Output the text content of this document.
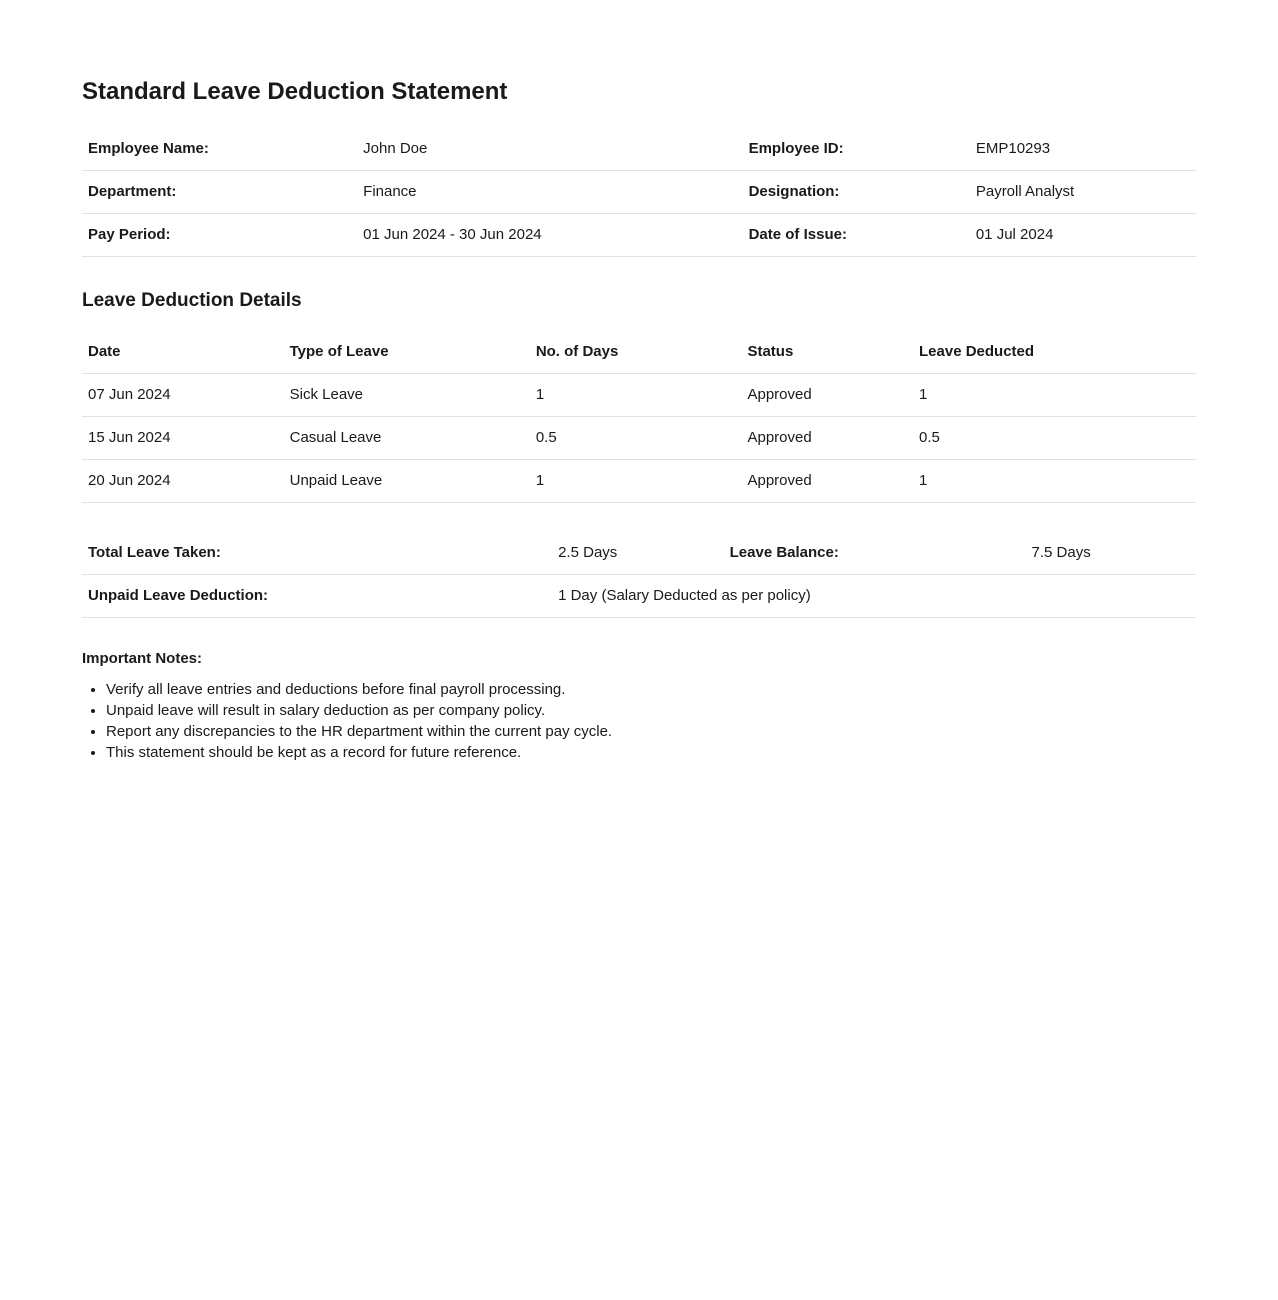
Standard Leave Deduction Statement
Employee Name:	John Doe	Employee ID:	EMP10293
Department:	Finance	Designation:	Payroll Analyst
Pay Period:	01 Jun 2024 - 30 Jun 2024	Date of Issue:	01 Jul 2024
Leave Deduction Details
Date	Type of Leave	No. of Days	Status	Leave Deducted
07 Jun 2024	Sick Leave	1	Approved	1
15 Jun 2024	Casual Leave	0.5	Approved	0.5
20 Jun 2024	Unpaid Leave	1	Approved	1
Total Leave Taken:	2.5 Days	Leave Balance:	7.5 Days
Unpaid Leave Deduction:	1 Day (Salary Deducted as per policy)		

Important Notes:

• Verify all leave entries and deductions before final payroll processing.
• Unpaid leave will result in salary deduction as per company policy.
• Report any discrepancies to the HR department within the current pay cycle.
• This statement should be kept as a record for future reference.
